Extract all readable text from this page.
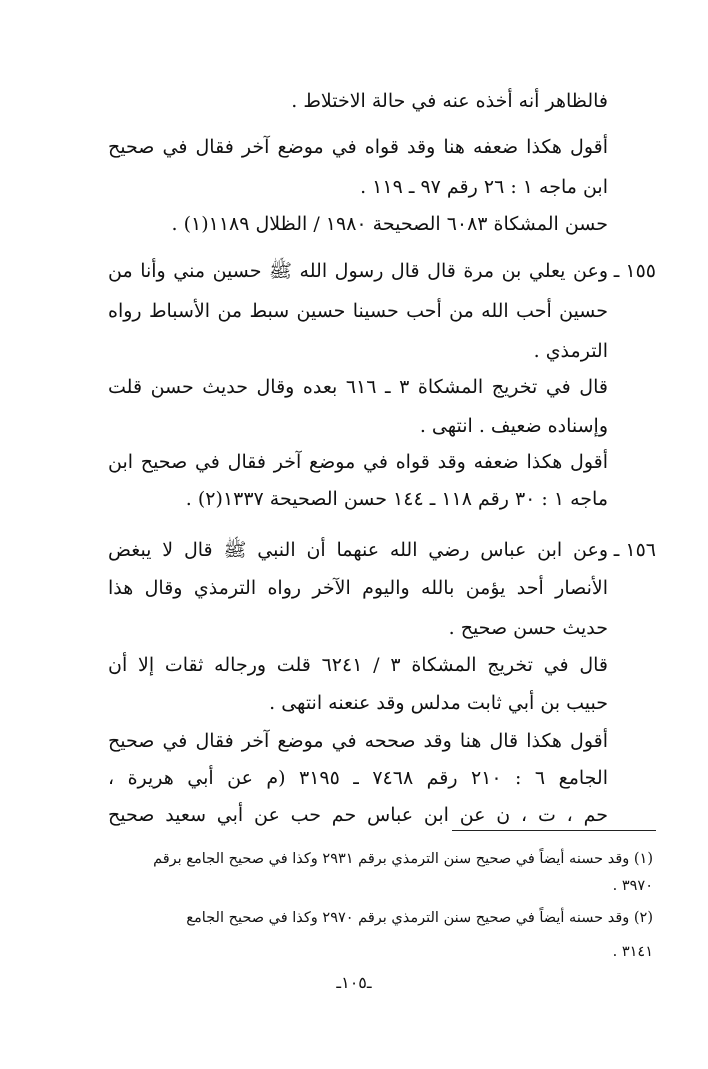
فالظاهر أنه أخذه عنه في حالة الاختلاط .
أقول هكذا ضعفه هنا وقد قواه في موضع آخر فقال في صحيح
ابن ماجه ١ : ٢٦ رقم ٩٧ ـ ١١٩ .
حسن المشكاة ٦٠٨٣ الصحيحة ١٩٨٠ / الظلال ١١٨٩(١) .
١٥٥ ـ
وعن يعلي بن مرة قال قال رسول الله ﷺ حسين مني وأنا من
حسين أحب الله من أحب حسينا حسين سبط من الأسباط رواه
الترمذي .
قال في تخريج المشكاة ٣ ـ ٦١٦ بعده وقال حديث حسن قلت
وإسناده ضعيف . انتهى .
أقول هكذا ضعفه وقد قواه في موضع آخر فقال في صحيح ابن
ماجه ١ : ٣٠ رقم ١١٨ ـ ١٤٤ حسن الصحيحة ١٣٣٧(٢) .
١٥٦ ـ
وعن ابن عباس رضي الله عنهما أن النبي ﷺ قال لا يبغض
الأنصار أحد يؤمن بالله واليوم الآخر رواه الترمذي وقال هذا
حديث حسن صحيح .
قال في تخريج المشكاة ٣ / ٦٢٤١ قلت ورجاله ثقات إلا أن
حبيب بن أبي ثابت مدلس وقد عنعنه انتهى .
أقول هكذا قال هنا وقد صححه في موضع آخر فقال في صحيح
الجامع ٦ : ٢١٠ رقم ٧٤٦٨ ـ ٣١٩٥ (م عن أبي هريرة ،
حم ، ت ، ن عن ابن عباس حم حب عن أبي سعيد صحيح
(١) وقد حسنه أيضاً في صحيح سنن الترمذي برقم ٢٩٣١ وكذا في صحيح الجامع برقم
٣٩٧٠ .
(٢) وقد حسنه أيضاً في صحيح سنن الترمذي برقم ٢٩٧٠ وكذا في صحيح الجامع
٣١٤١ .
ـ١٠٥ـ
